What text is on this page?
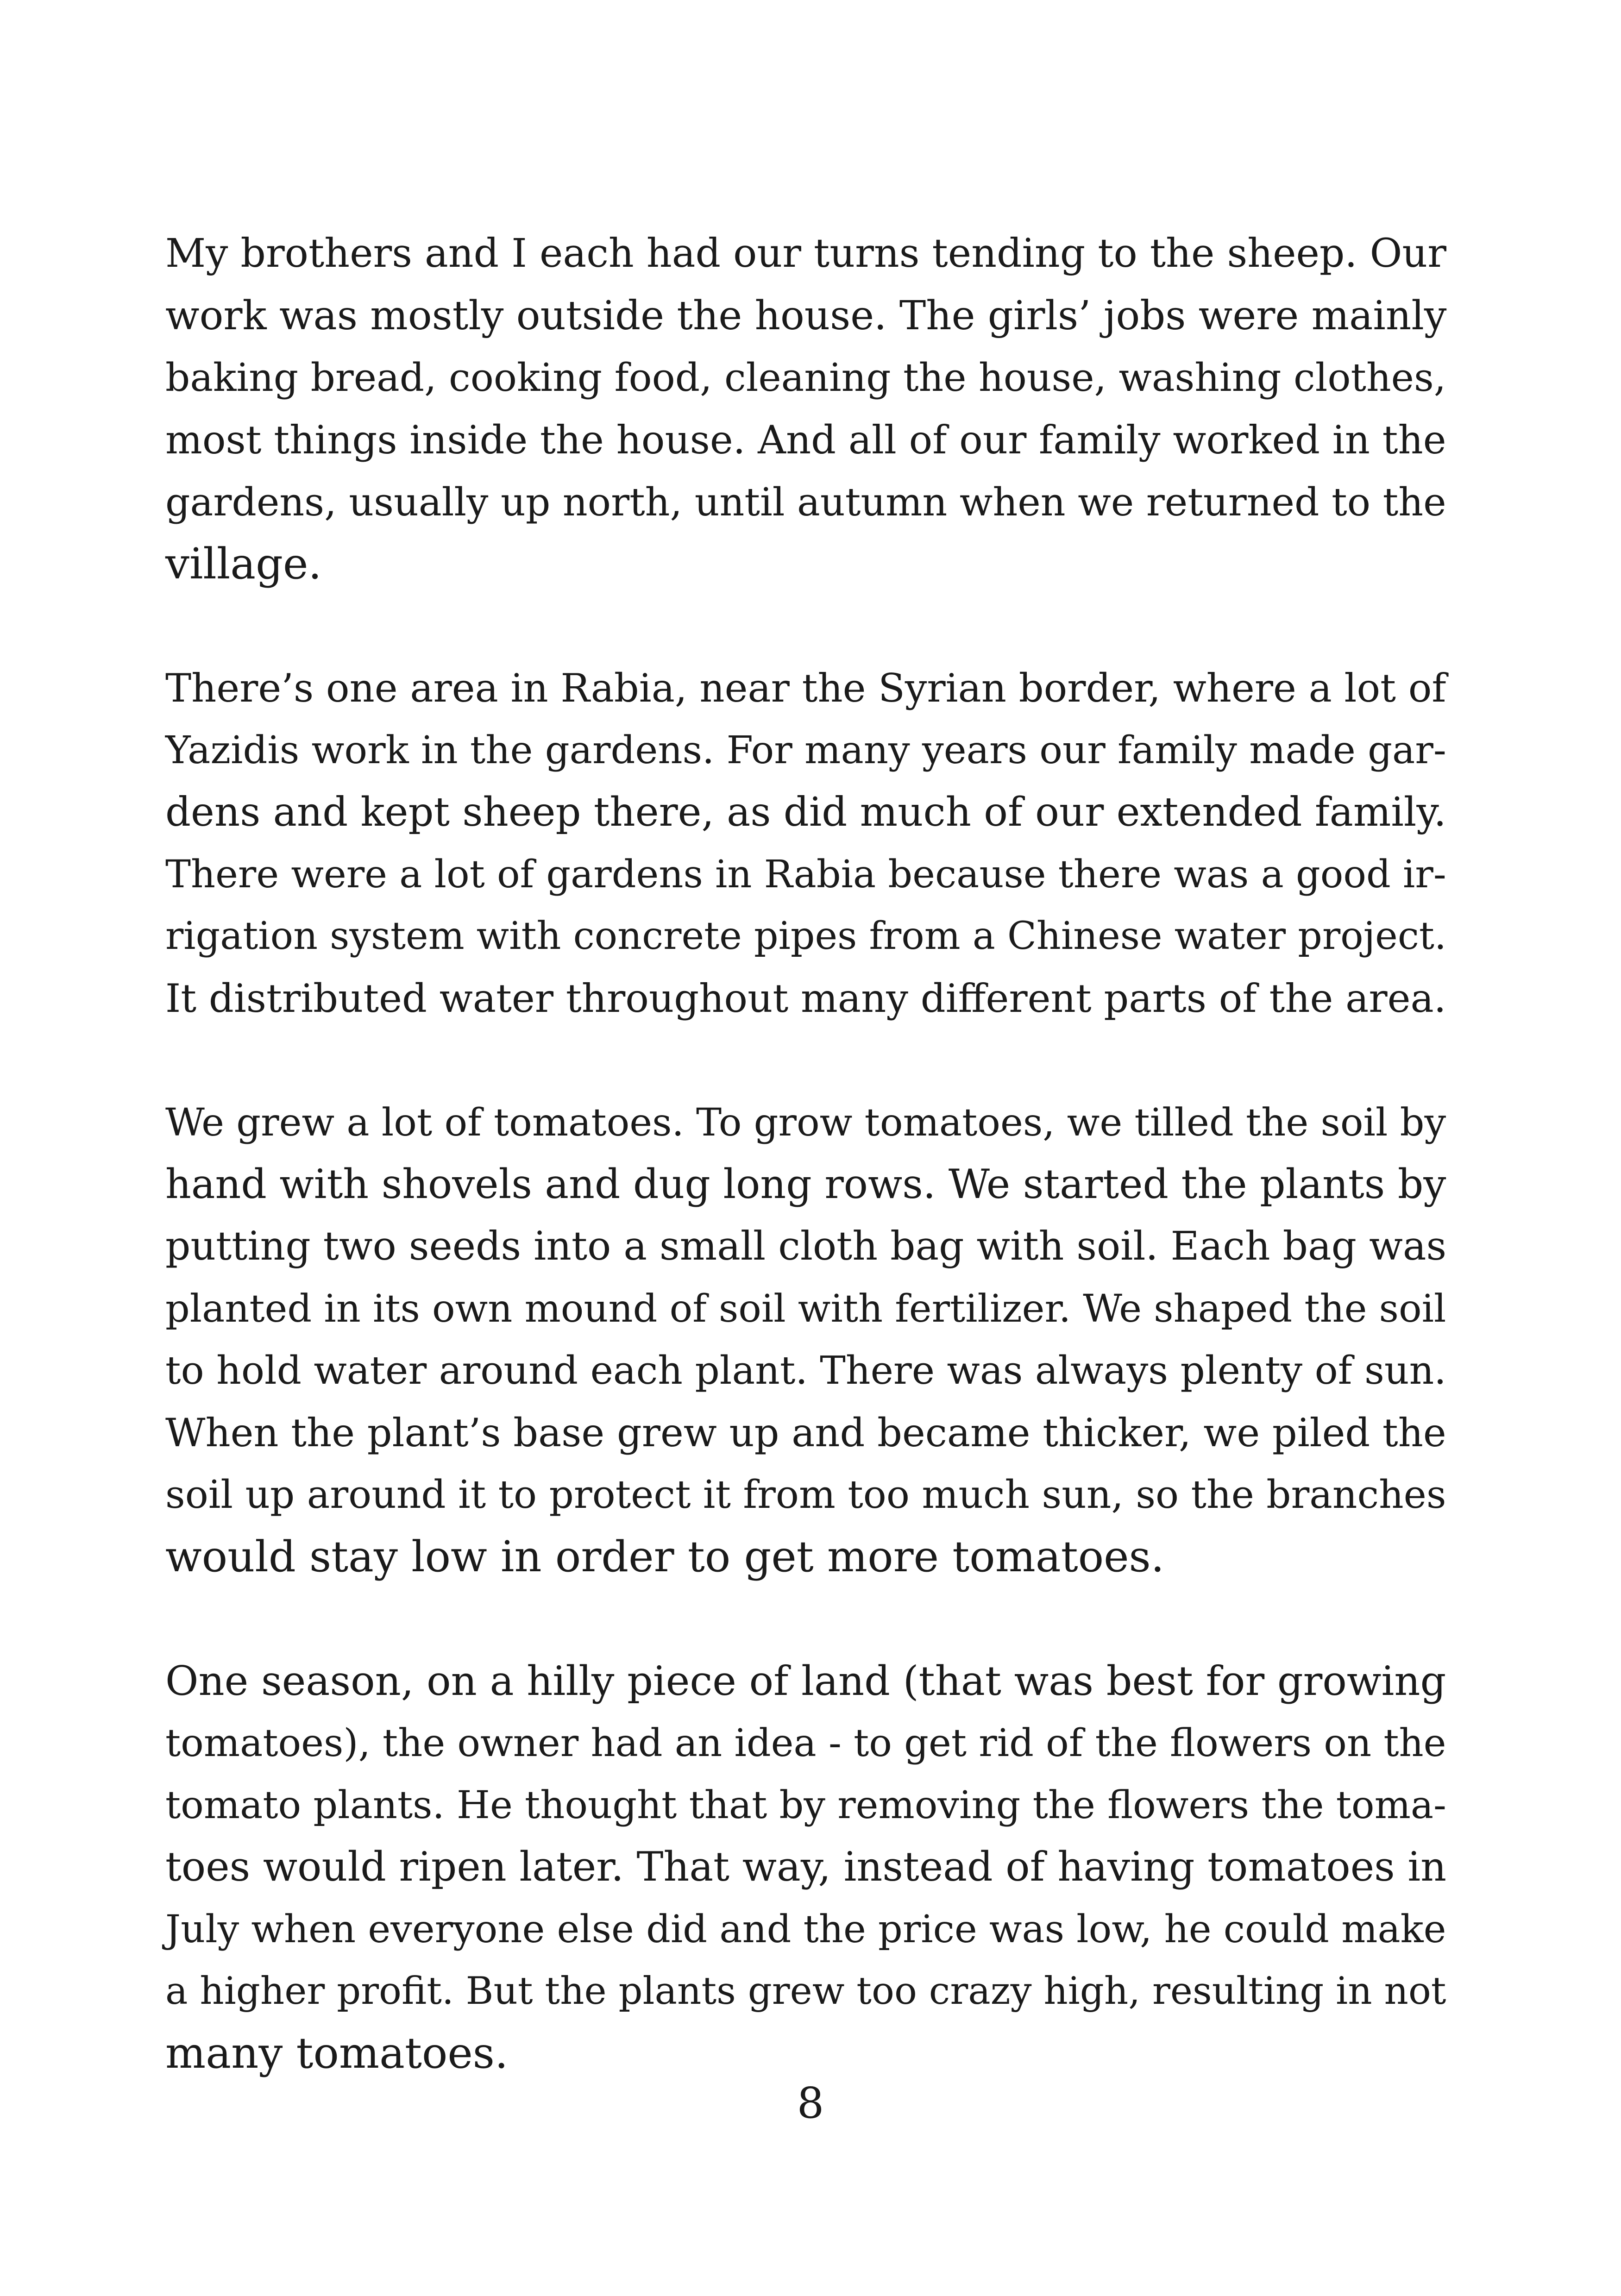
My brothers and I each had our turns tending to the sheep. Our
work was mostly outside the house. The girls’ jobs were mainly
baking bread, cooking food, cleaning the house, washing clothes,
most things inside the house. And all of our family worked in the
gardens, usually up north, until autumn when we returned to the
village.

There’s one area in Rabia, near the Syrian border, where a lot of
Yazidis work in the gardens. For many years our family made gar-
dens and kept sheep there, as did much of our extended family.
There were a lot of gardens in Rabia because there was a good ir-
rigation system with concrete pipes from a Chinese water project.
It distributed water throughout many different parts of the area.

We grew a lot of tomatoes. To grow tomatoes, we tilled the soil by
hand with shovels and dug long rows. We started the plants by
putting two seeds into a small cloth bag with soil. Each bag was
planted in its own mound of soil with fertilizer. We shaped the soil
to hold water around each plant. There was always plenty of sun.
When the plant’s base grew up and became thicker, we piled the
soil up around it to protect it from too much sun, so the branches
would stay low in order to get more tomatoes.

One season, on a hilly piece of land (that was best for growing
tomatoes), the owner had an idea - to get rid of the flowers on the
tomato plants. He thought that by removing the flowers the toma-
toes would ripen later. That way, instead of having tomatoes in
July when everyone else did and the price was low, he could make
a higher profit. But the plants grew too crazy high, resulting in not
many tomatoes.

8
